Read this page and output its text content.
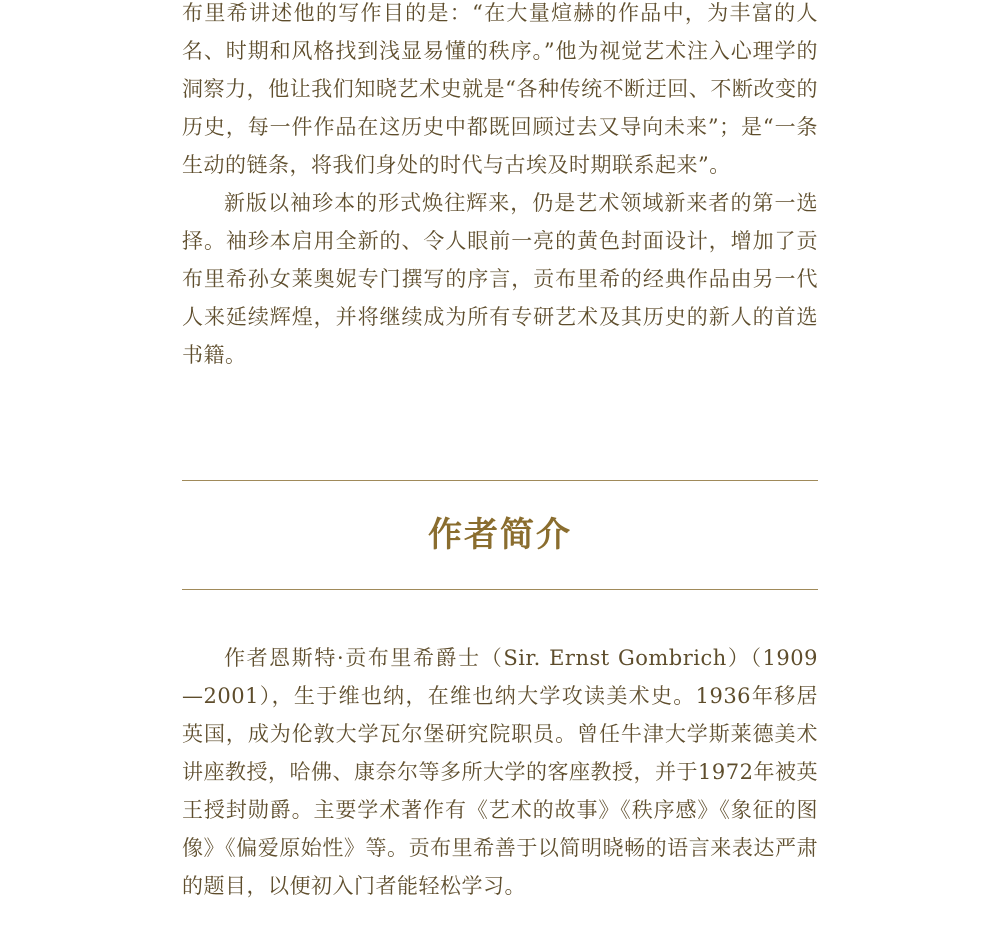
布里希讲述他的写作目的是：“在大量煊赫的作品中，为丰富的人名、时期和风格找到浅显易懂的秩序。”他为视觉艺术注入心理学的洞察力，他让我们知晓艺术史就是“各种传统不断迂回、不断改变的历史，每一件作品在这历史中都既回顾过去又导向未来”；是“一条生动的链条，将我们身处的时代与古埃及时期联系起来”。

新版以袖珍本的形式焕往辉来，仍是艺术领域新来者的第一选择。袖珍本启用全新的、令人眼前一亮的黄色封面设计，增加了贡布里希孙女莱奥妮专门撰写的序言，贡布里希的经典作品由另一代人来延续辉煌，并将继续成为所有专研艺术及其历史的新人的首选书籍。

作者简介

作者恩斯特·贡布里希爵士（Sir. Ernst Gombrich）（1909—2001），生于维也纳，在维也纳大学攻读美术史。1936年移居英国，成为伦敦大学瓦尔堡研究院职员。曾任牛津大学斯莱德美术讲座教授，哈佛、康奈尔等多所大学的客座教授，并于1972年被英王授封勋爵。主要学术著作有《艺术的故事》《秩序感》《象征的图像》《偏爱原始性》等。贡布里希善于以简明晓畅的语言来表达严肃的题目，以便初入门者能轻松学习。
